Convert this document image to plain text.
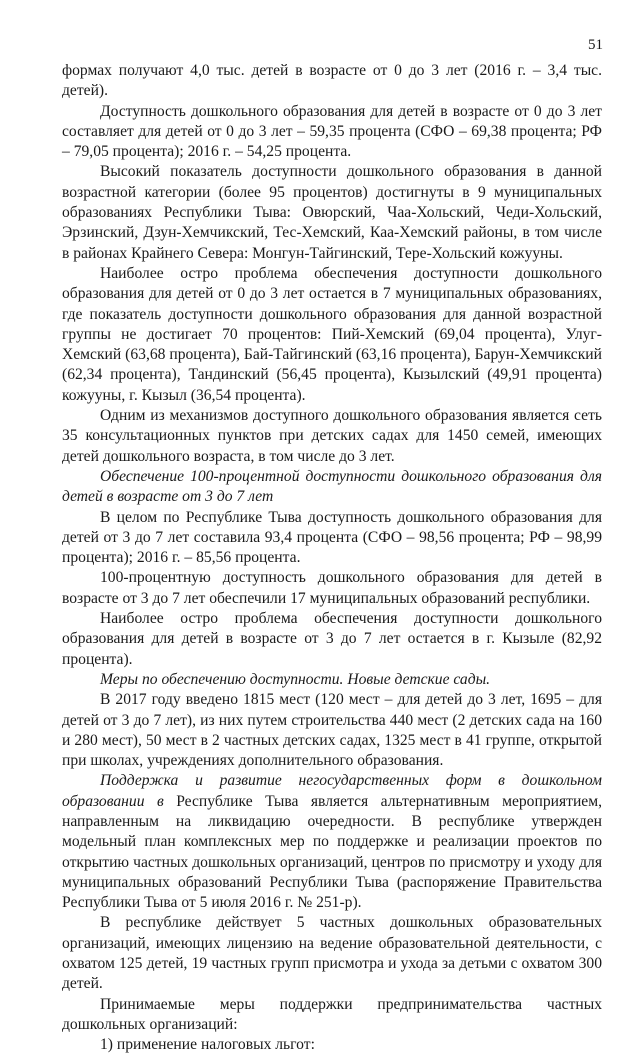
51

формах получают 4,0 тыс. детей в возрасте от 0 до 3 лет (2016 г. – 3,4 тыс. детей).

Доступность дошкольного образования для детей в возрасте от 0 до 3 лет составляет для детей от 0 до 3 лет – 59,35 процента (СФО – 69,38 процента; РФ – 79,05 процента); 2016 г. – 54,25 процента.

Высокий показатель доступности дошкольного образования в данной возрастной категории (более 95 процентов) достигнуты в 9 муниципальных образованиях Республики Тыва: Овюрский, Чаа-Хольский, Чеди-Хольский, Эрзинский, Дзун-Хемчикский, Тес-Хемский, Каа-Хемский районы, в том числе в районах Крайнего Севера: Монгун-Тайгинский, Тере-Хольский кожууны.

Наиболее остро проблема обеспечения доступности дошкольного образования для детей от 0 до 3 лет остается в 7 муниципальных образованиях, где показатель доступности дошкольного образования для данной возрастной группы не достигает 70 процентов: Пий-Хемский (69,04 процента), Улуг-Хемский (63,68 процента), Бай-Тайгинский (63,16 процента), Барун-Хемчикский (62,34 процента), Тандинский (56,45 процента), Кызылский (49,91 процента) кожууны, г. Кызыл (36,54 процента).

Одним из механизмов доступного дошкольного образования является сеть 35 консультационных пунктов при детских садах для 1450 семей, имеющих детей дошкольного возраста, в том числе до 3 лет.

Обеспечение 100-процентной доступности дошкольного образования для детей в возрасте от 3 до 7 лет

В целом по Республике Тыва доступность дошкольного образования для детей от 3 до 7 лет составила 93,4 процента (СФО – 98,56 процента; РФ – 98,99 процента); 2016 г. – 85,56 процента.

100-процентную доступность дошкольного образования для детей в возрасте от 3 до 7 лет обеспечили 17 муниципальных образований республики.

Наиболее остро проблема обеспечения доступности дошкольного образования для детей в возрасте от 3 до 7 лет остается в г. Кызыле (82,92 процента).

Меры по обеспечению доступности. Новые детские сады.

В 2017 году введено 1815 мест (120 мест – для детей до 3 лет, 1695 – для детей от 3 до 7 лет), из них путем строительства 440 мест (2 детских сада на 160 и 280 мест), 50 мест в 2 частных детских садах, 1325 мест в 41 группе, открытой при школах, учреждениях дополнительного образования.

Поддержка и развитие негосударственных форм в дошкольном образовании в Республике Тыва является альтернативным мероприятием, направленным на ликвидацию очередности. В республике утвержден модельный план комплексных мер по поддержке и реализации проектов по открытию частных дошкольных организаций, центров по присмотру и уходу для муниципальных образований Республики Тыва (распоряжение Правительства Республики Тыва от 5 июля 2016 г. № 251-р).

В республике действует 5 частных дошкольных образовательных организаций, имеющих лицензию на ведение образовательной деятельности, с охватом 125 детей, 19 частных групп присмотра и ухода за детьми с охватом 300 детей.

Принимаемые меры поддержки предпринимательства частных дошкольных организаций:

1) применение налоговых льгот:
